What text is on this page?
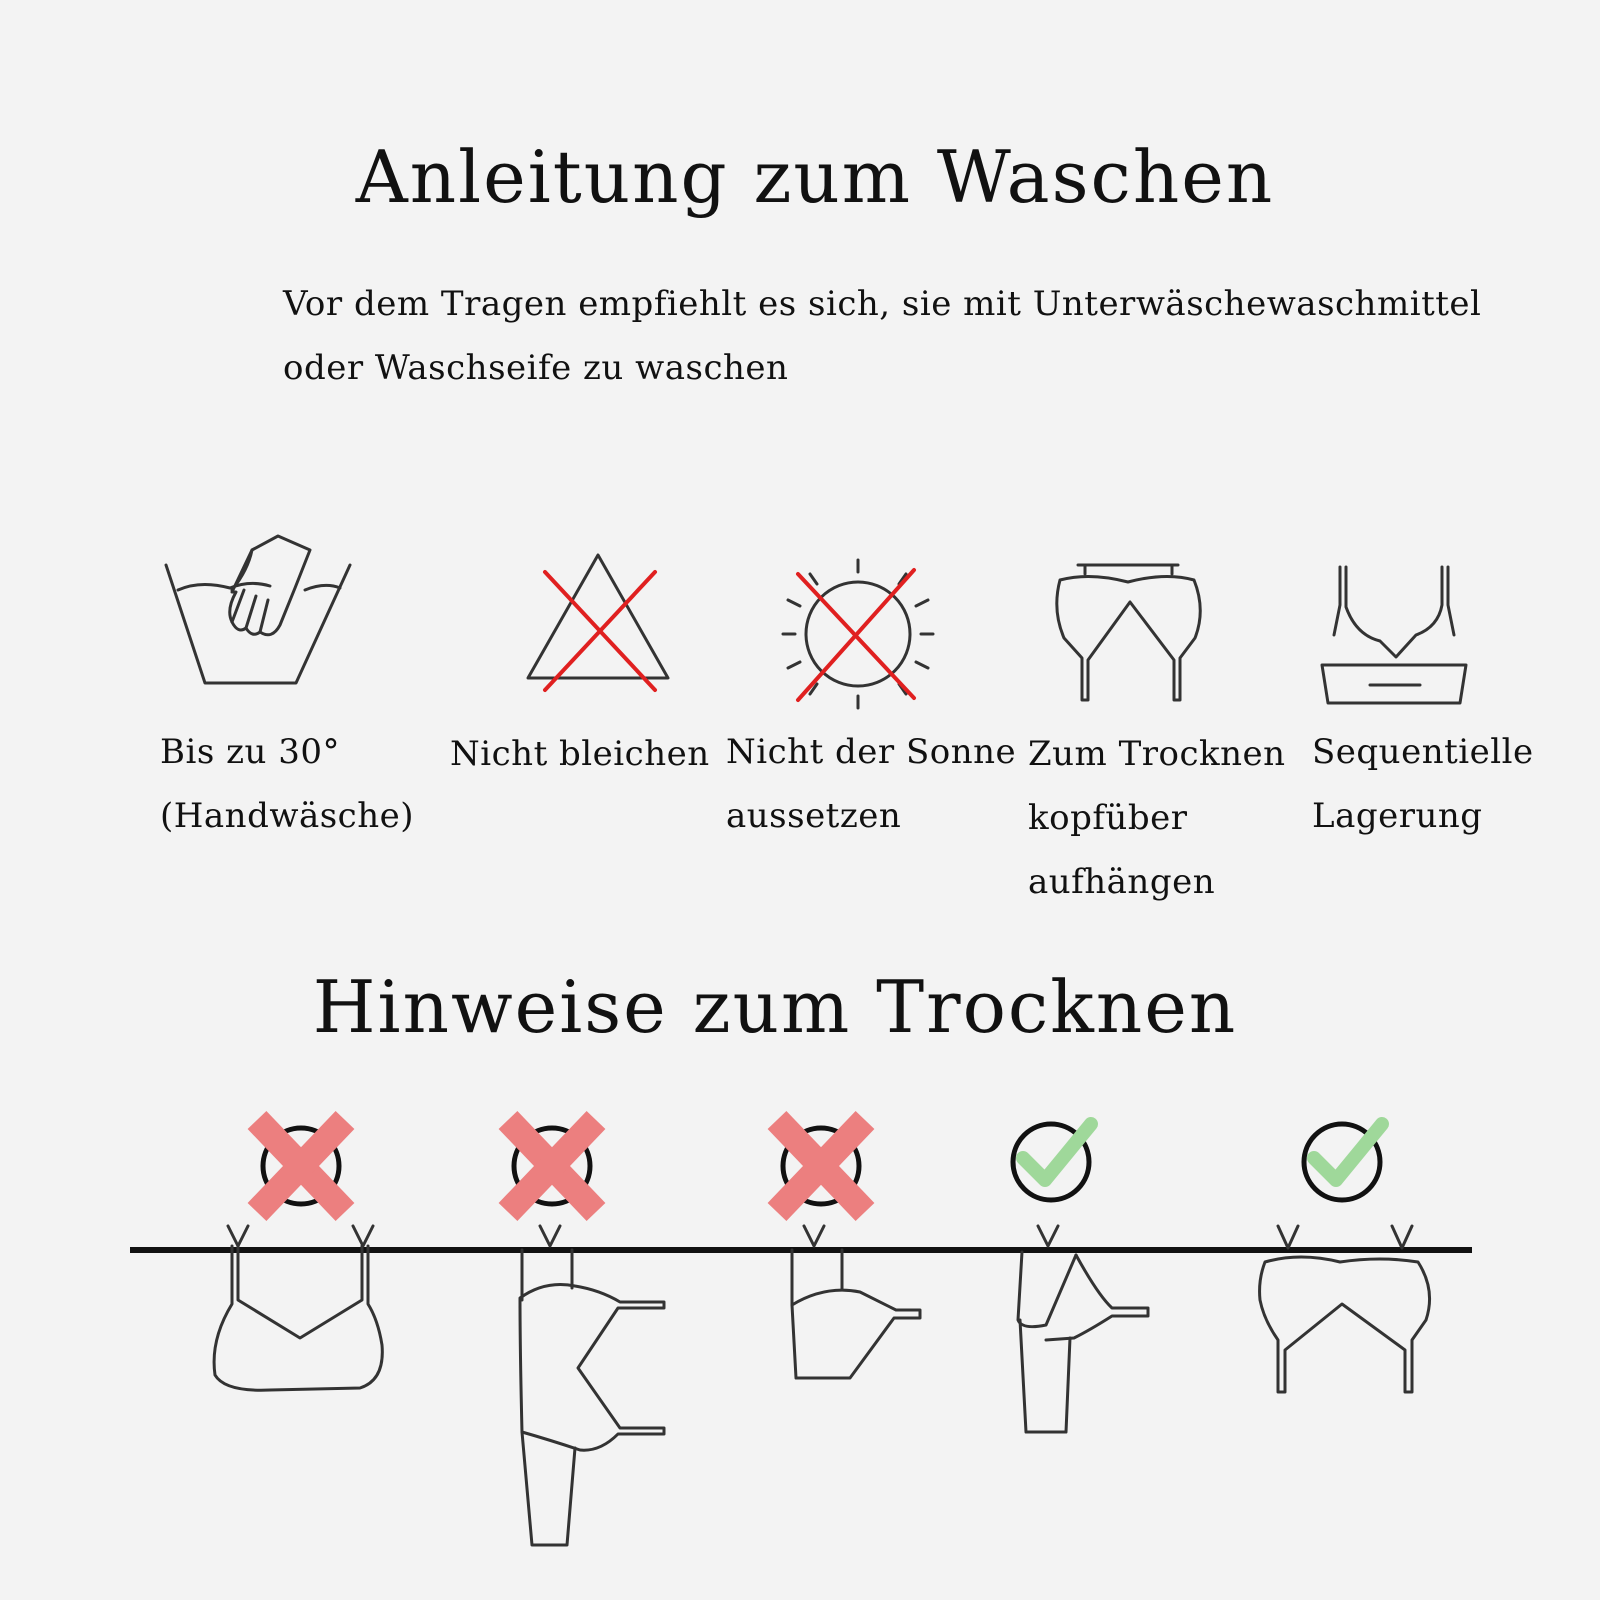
Anleitung zum Waschen
Vor dem Tragen empfiehlt es sich, sie mit Unterwäschewaschmittel oder Waschseife zu waschen
Bis zu 30°
(Handwäsche)
Nicht bleichen Nicht der Sonne
aussetzen
Zum Trocknen
kopfüber
aufhängen
Sequentielle
Lagerung
Hinweise zum Trocknen
